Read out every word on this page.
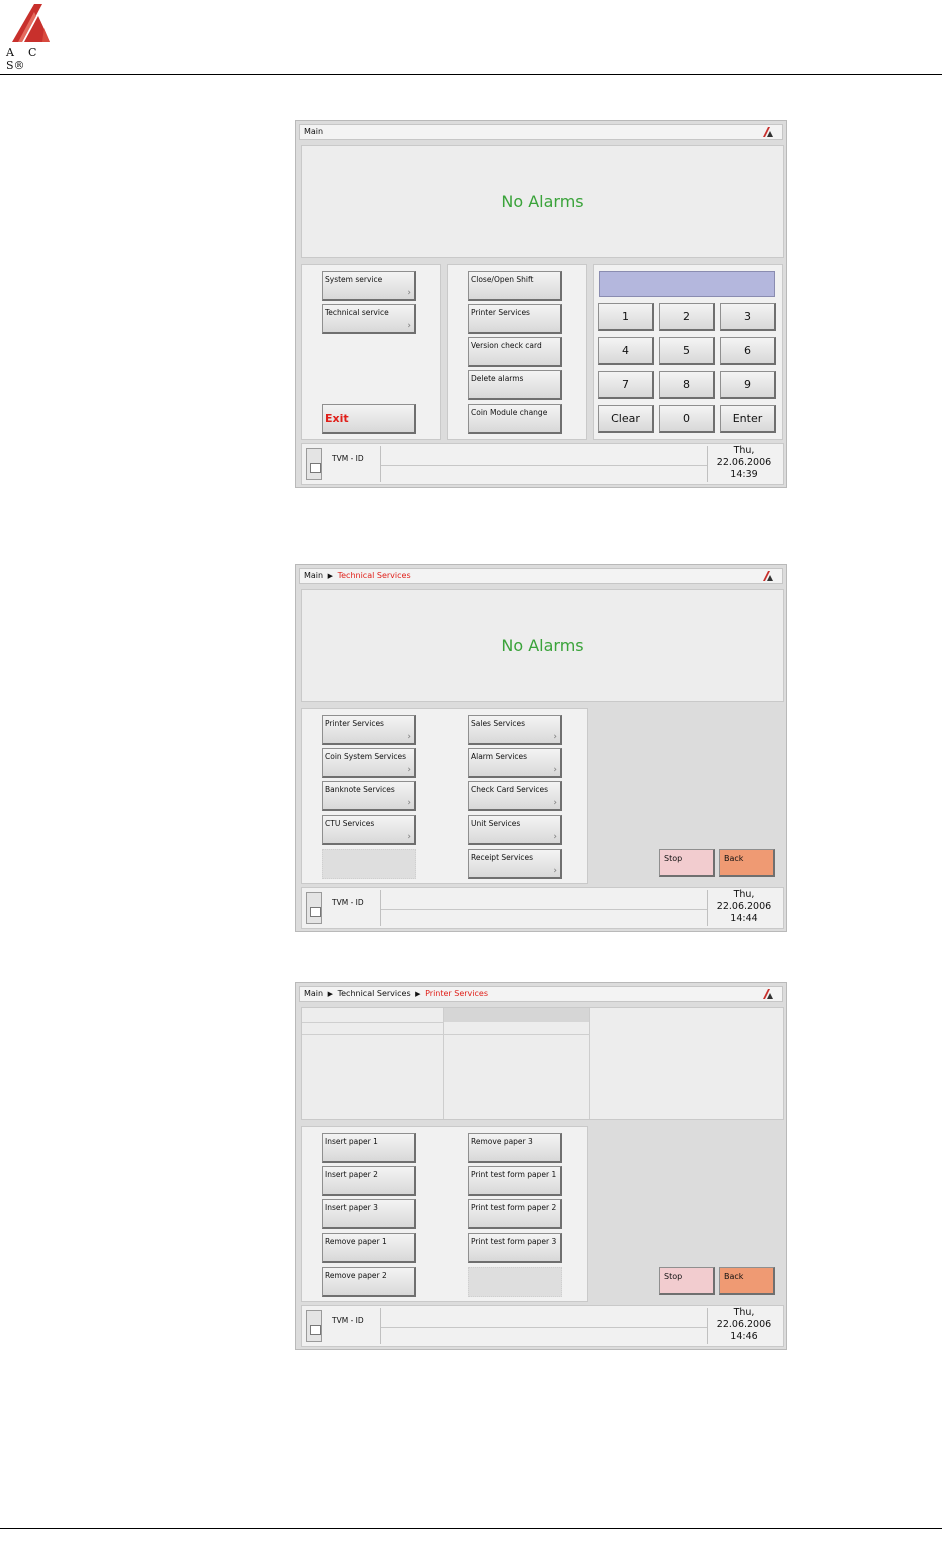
A CS®
Main
No Alarms
System service
›
Technical service
›
Exit
Close/Open Shift
Printer Services
Version check card
Delete alarms
Coin Module change
1	2	3
4	5	6
7	8	9
Clear	0	Enter
TVM - ID
Thu,
22.06.2006
14:39
Main ▶ Technical Services
No Alarms
Printer Services
›
Coin System Services
›
Banknote Services
›
CTU Services
›
Sales Services
›
Alarm Services
›
Check Card Services
›
Unit Services
›
Receipt Services
›
Stop	Back
TVM - ID
Thu,
22.06.2006
14:44
Main ▶ Technical Services ▶ Printer Services
Insert paper 1
Insert paper 2
Insert paper 3
Remove paper 1
Remove paper 2
Remove paper 3
Print test form paper 1
Print test form paper 2
Print test form paper 3
Stop	Back
TVM - ID
Thu,
22.06.2006
14:46
